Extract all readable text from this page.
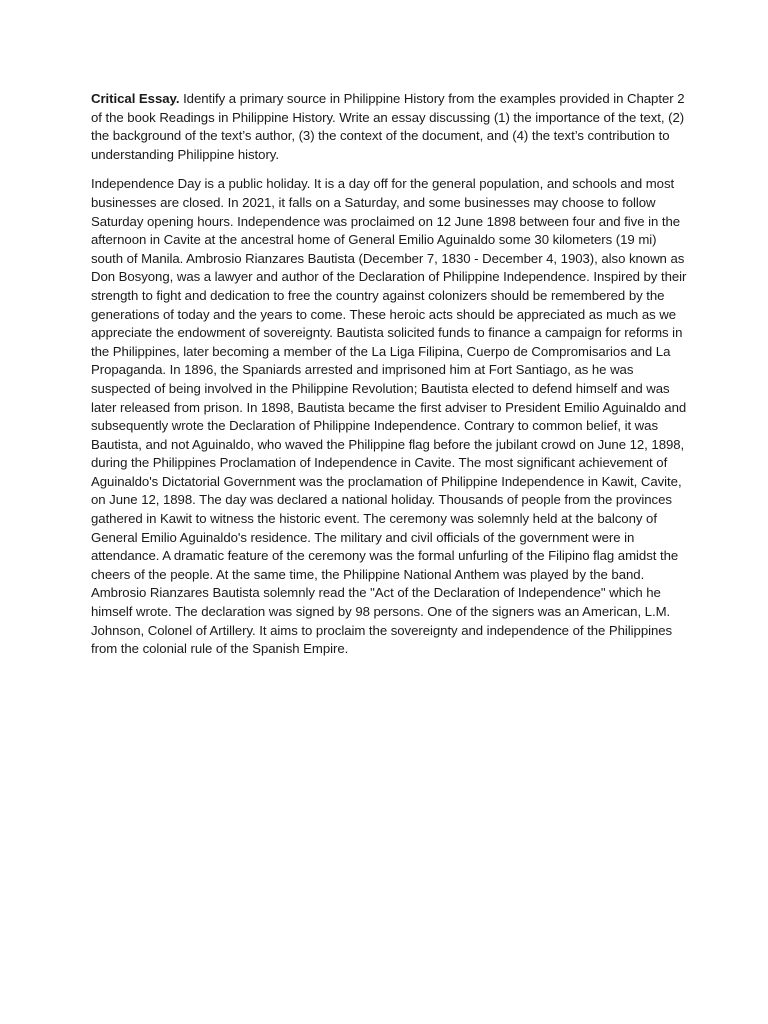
Critical Essay. Identify a primary source in Philippine History from the examples provided in Chapter 2 of the book Readings in Philippine History. Write an essay discussing (1) the importance of the text, (2) the background of the text’s author, (3) the context of the document, and (4) the text’s contribution to understanding Philippine history.

Independence Day is a public holiday. It is a day off for the general population, and schools and most businesses are closed. In 2021, it falls on a Saturday, and some businesses may choose to follow Saturday opening hours. Independence was proclaimed on 12 June 1898 between four and five in the afternoon in Cavite at the ancestral home of General Emilio Aguinaldo some 30 kilometers (19 mi) south of Manila. Ambrosio Rianzares Bautista (December 7, 1830 - December 4, 1903), also known as Don Bosyong, was a lawyer and author of the Declaration of Philippine Independence. Inspired by their strength to fight and dedication to free the country against colonizers should be remembered by the generations of today and the years to come. These heroic acts should be appreciated as much as we appreciate the endowment of sovereignty. Bautista solicited funds to finance a campaign for reforms in the Philippines, later becoming a member of the La Liga Filipina, Cuerpo de Compromisarios and La Propaganda. In 1896, the Spaniards arrested and imprisoned him at Fort Santiago, as he was suspected of being involved in the Philippine Revolution; Bautista elected to defend himself and was later released from prison. In 1898, Bautista became the first adviser to President Emilio Aguinaldo and subsequently wrote the Declaration of Philippine Independence. Contrary to common belief, it was Bautista, and not Aguinaldo, who waved the Philippine flag before the jubilant crowd on June 12, 1898, during the Philippines Proclamation of Independence in Cavite. The most significant achievement of Aguinaldo's Dictatorial Government was the proclamation of Philippine Independence in Kawit, Cavite, on June 12, 1898. The day was declared a national holiday. Thousands of people from the provinces gathered in Kawit to witness the historic event. The ceremony was solemnly held at the balcony of General Emilio Aguinaldo's residence. The military and civil officials of the government were in attendance. A dramatic feature of the ceremony was the formal unfurling of the Filipino flag amidst the cheers of the people. At the same time, the Philippine National Anthem was played by the band. Ambrosio Rianzares Bautista solemnly read the "Act of the Declaration of Independence" which he himself wrote. The declaration was signed by 98 persons. One of the signers was an American, L.M. Johnson, Colonel of Artillery. It aims to proclaim the sovereignty and independence of the Philippines from the colonial rule of the Spanish Empire.
